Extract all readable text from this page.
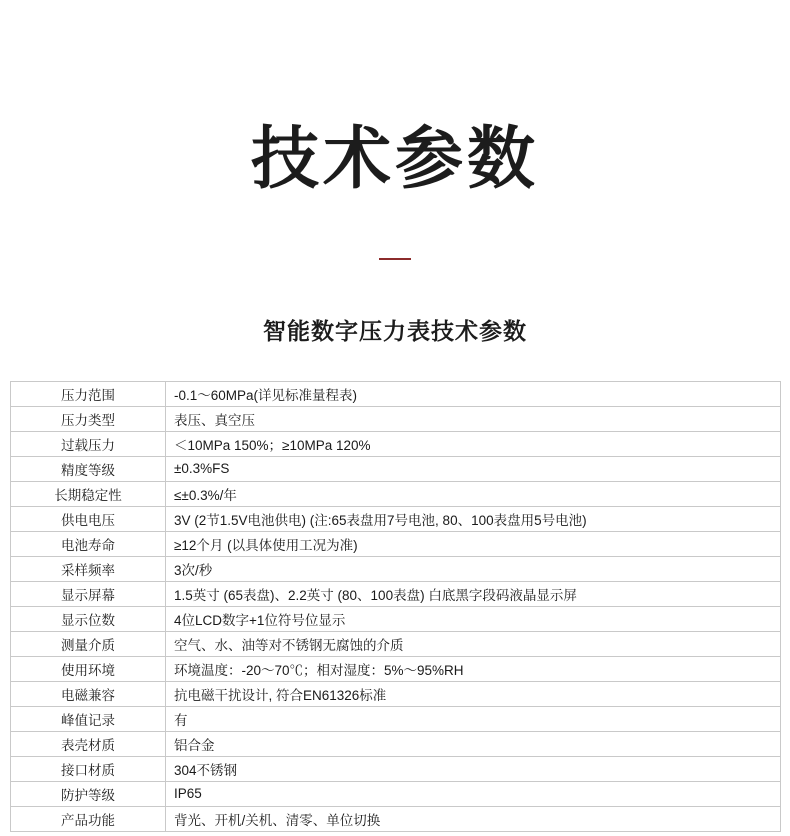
技术参数
智能数字压力表技术参数
压力范围	-0.1～60MPa(详见标准量程表)
压力类型	表压、真空压
过载压力	＜10MPa 150%；≥10MPa 120%
精度等级	±0.3%FS
长期稳定性	≤±0.3%/年
供电电压	3V (2节1.5V电池供电) (注:65表盘用7号电池, 80、100表盘用5号电池)
电池寿命	≥12个月 (以具体使用工况为准)
采样频率	3次/秒
显示屏幕	1.5英寸 (65表盘)、2.2英寸 (80、100表盘) 白底黑字段码液晶显示屏
显示位数	4位LCD数字+1位符号位显示
测量介质	空气、水、油等对不锈钢无腐蚀的介质
使用环境	环境温度：-20～70℃；相对湿度：5%～95%RH
电磁兼容	抗电磁干扰设计, 符合EN61326标准
峰值记录	有
表壳材质	铝合金
接口材质	304不锈钢
防护等级	IP65
产品功能	背光、开机/关机、清零、单位切换
